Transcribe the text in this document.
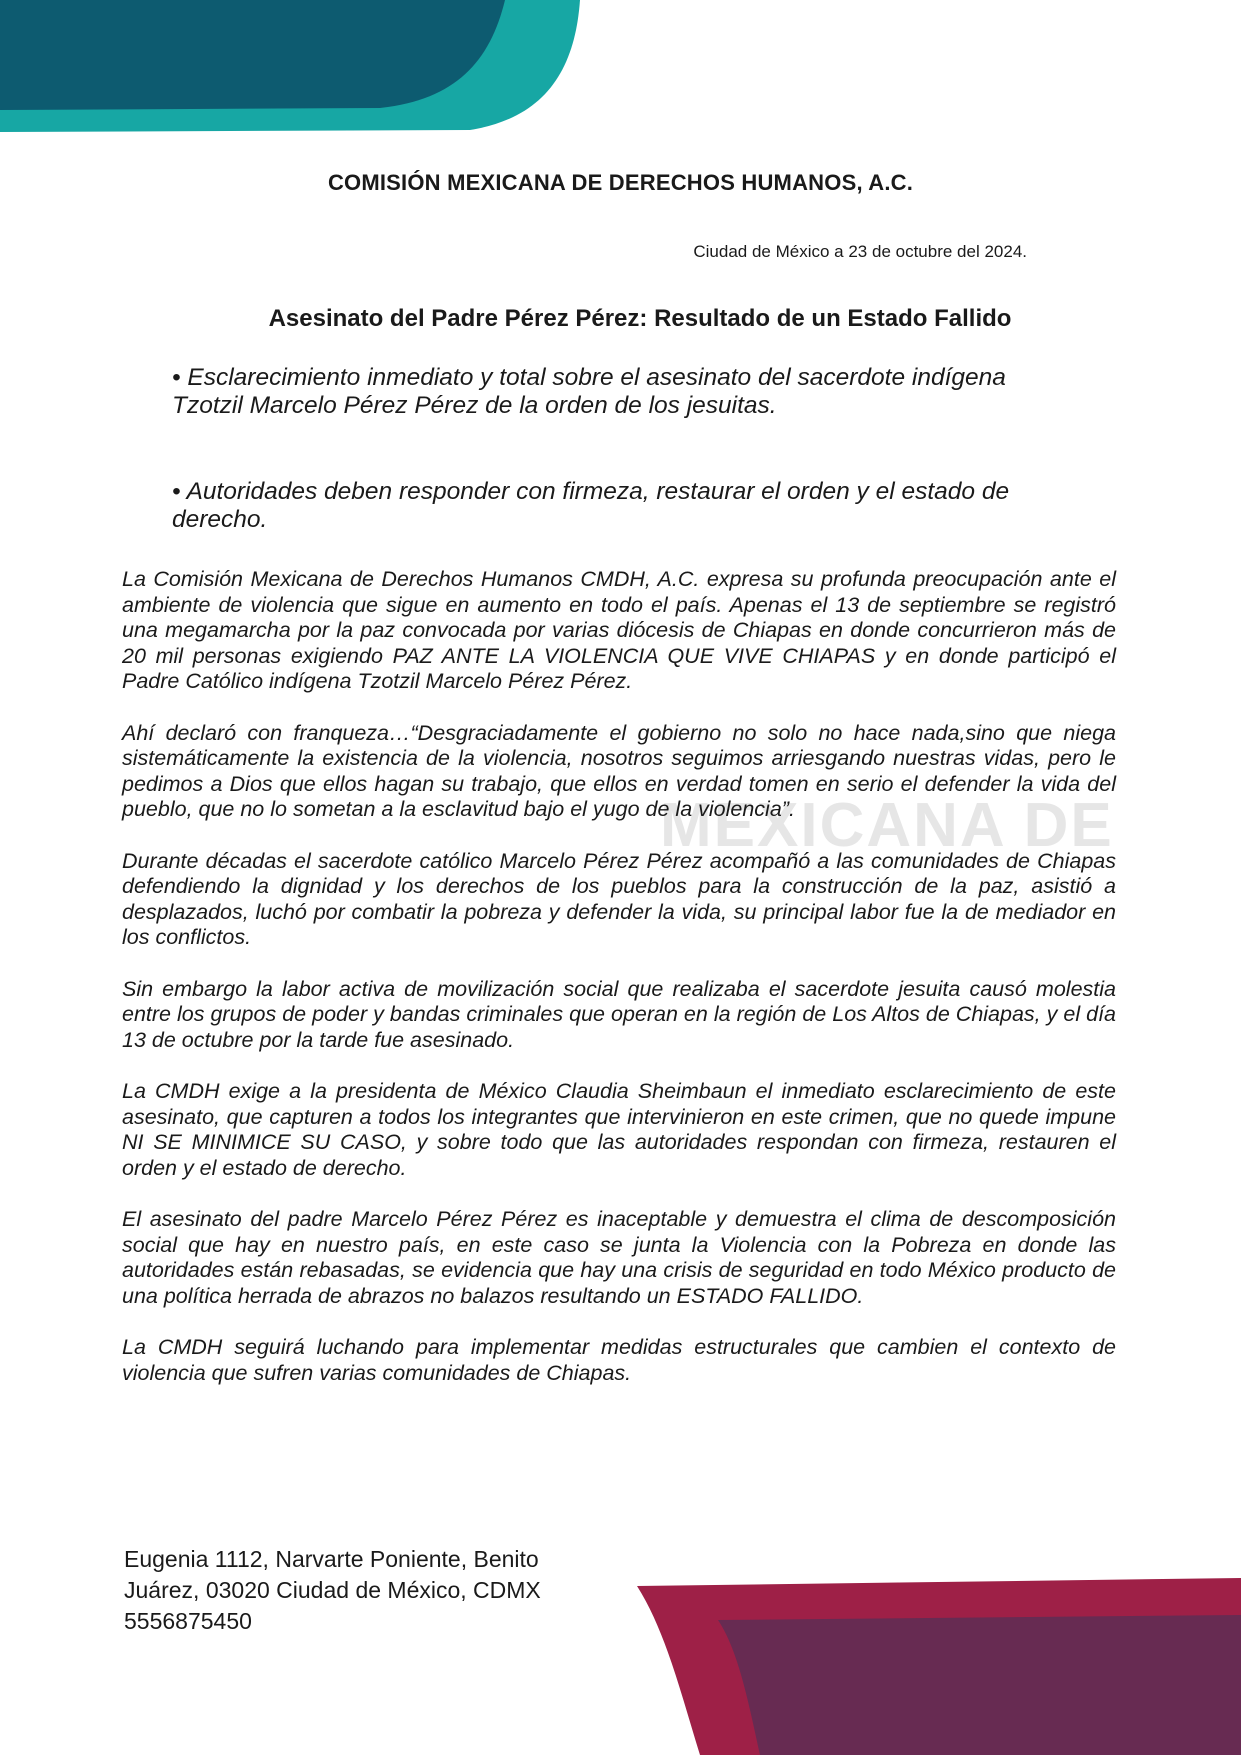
MEXICANA DE
COMISIÓN MEXICANA DE DERECHOS HUMANOS, A.C.
Ciudad de México a 23 de octubre del 2024.
Asesinato del Padre Pérez Pérez: Resultado de un Estado Fallido
• Esclarecimiento inmediato y total sobre el asesinato del sacerdote indígena Tzotzil Marcelo Pérez Pérez de la orden de los jesuitas.
• Autoridades deben responder con firmeza, restaurar el orden y el estado de derecho.

La Comisión Mexicana de Derechos Humanos CMDH, A.C. expresa su profunda preocupación ante el ambiente de violencia que sigue en aumento en todo el país. Apenas el 13 de septiembre se registró una megamarcha por la paz convocada por varias diócesis de Chiapas en donde concurrieron más de 20 mil personas exigiendo PAZ ANTE LA VIOLENCIA QUE VIVE CHIAPAS y en donde participó el Padre Católico indígena Tzotzil Marcelo Pérez Pérez.

Ahí declaró con franqueza…“Desgraciadamente el gobierno no solo no hace nada,sino que niega sistemáticamente la existencia de la violencia, nosotros seguimos arriesgando nuestras vidas, pero le pedimos a Dios que ellos hagan su trabajo, que ellos en verdad tomen en serio el defender la vida del pueblo, que no lo sometan a la esclavitud bajo el yugo de la violencia”.

Durante décadas el sacerdote católico Marcelo Pérez Pérez acompañó a las comunidades de Chiapas defendiendo la dignidad y los derechos de los pueblos para la construcción de la paz, asistió a desplazados, luchó por combatir la pobreza y defender la vida, su principal labor fue la de mediador en los conflictos.

Sin embargo la labor activa de movilización social que realizaba el sacerdote jesuita causó molestia entre los grupos de poder y bandas criminales que operan en la región de Los Altos de Chiapas, y el día 13 de octubre por la tarde fue asesinado.

La CMDH exige a la presidenta de México Claudia Sheimbaun el inmediato esclarecimiento de este asesinato, que capturen a todos los integrantes que intervinieron en este crimen, que no quede impune NI SE MINIMICE SU CASO, y sobre todo que las autoridades respondan con firmeza, restauren el orden y el estado de derecho.

El asesinato del padre Marcelo Pérez Pérez es inaceptable y demuestra el clima de descomposición social que hay en nuestro país, en este caso se junta la Violencia con la Pobreza en donde las autoridades están rebasadas, se evidencia que hay una crisis de seguridad en todo México producto de una política herrada de abrazos no balazos resultando un ESTADO FALLIDO.

La CMDH seguirá luchando para implementar medidas estructurales que cambien el contexto de violencia que sufren varias comunidades de Chiapas.

Eugenia 1112, Narvarte Poniente, Benito
Juárez, 03020 Ciudad de México, CDMX
5556875450
